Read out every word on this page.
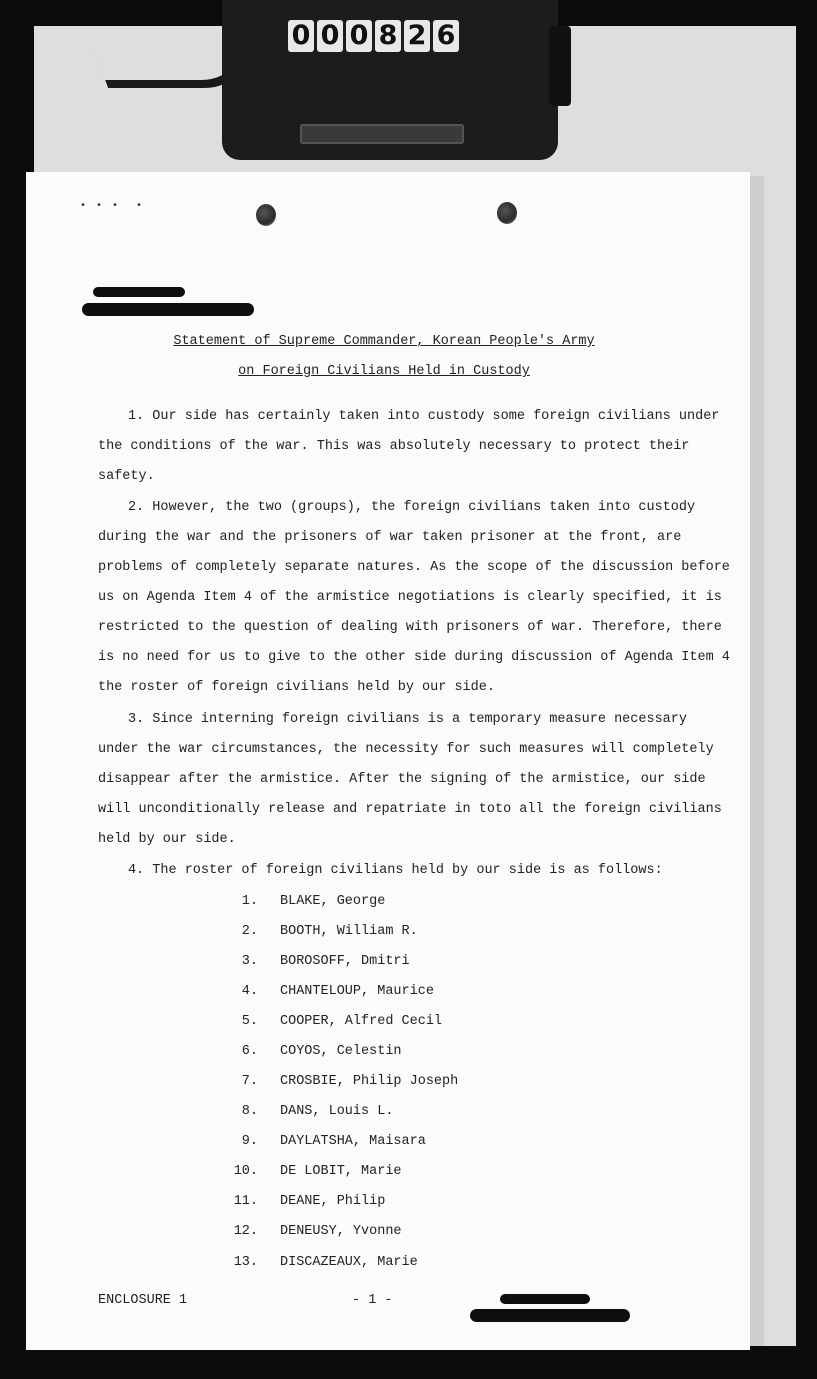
0 0 0 8 2 6
• • •  •
Statement of Supreme Commander, Korean People's Army
on Foreign Civilians Held in Custody
1. Our side has certainly taken into custody some foreign civilians under
the conditions of the war. This was absolutely necessary to protect their
safety.
2. However, the two (groups), the foreign civilians taken into custody
during the war and the prisoners of war taken prisoner at the front, are
problems of completely separate natures. As the scope of the discussion before
us on Agenda Item 4 of the armistice negotiations is clearly specified, it is
restricted to the question of dealing with prisoners of war. Therefore, there
is no need for us to give to the other side during discussion of Agenda Item 4
the roster of foreign civilians held by our side.
3. Since interning foreign civilians is a temporary measure necessary
under the war circumstances, the necessity for such measures will completely
disappear after the armistice. After the signing of the armistice, our side
will unconditionally release and repatriate in toto all the foreign civilians
held by our side.
4. The roster of foreign civilians held by our side is as follows:
1. BLAKE, George
2. BOOTH, William R.
3. BOROSOFF, Dmitri
4. CHANTELOUP, Maurice
5. COOPER, Alfred Cecil
6. COYOS, Celestin
7. CROSBIE, Philip Joseph
8. DANS, Louis L.
9. DAYLATSHA, Maisara
10. DE LOBIT, Marie
11. DEANE, Philip
12. DENEUSY, Yvonne
13. DISCAZEAUX, Marie
ENCLOSURE 1	- 1 -
